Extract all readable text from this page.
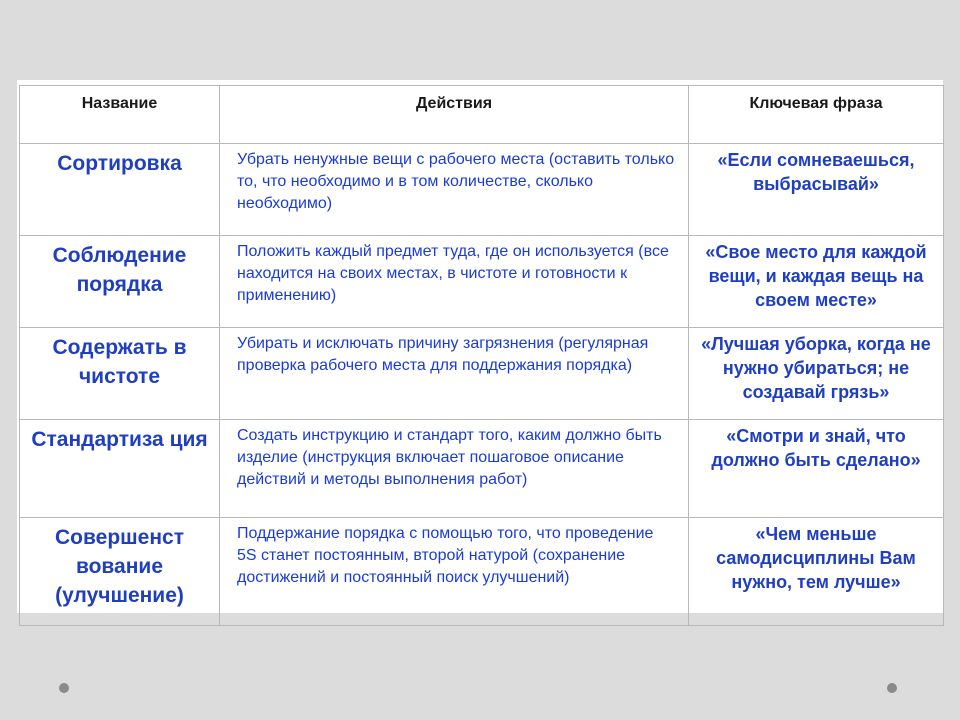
Название	Действия	Ключевая фраза
Сортировка	Убрать ненужные вещи с рабочего места (оставить только то, что необходимо и в том количестве, сколько необходимо)	«Если сомневаешься, выбрасывай»
Соблюдение порядка	Положить каждый предмет туда, где он используется (все находится на своих местах, в чистоте и готовности к применению)	«Свое место для каждой вещи, и каждая вещь на своем месте»
Содержать в чистоте	Убирать и исключать причину загрязнения (регулярная проверка рабочего места для поддержания порядка)	«Лучшая уборка, когда не нужно убираться; не создавай грязь»
Стандартиза ция	Создать инструкцию и стандарт того, каким должно быть изделие (инструкция включает пошаговое описание действий и методы выполнения работ)	«Смотри и знай, что должно быть сделано»
Совершенст вование (улучшение)	Поддержание порядка с помощью того, что проведение 5S станет постоянным, второй натурой (сохранение достижений и постоянный поиск улучшений)	«Чем меньше самодисциплины Вам нужно, тем лучше»
